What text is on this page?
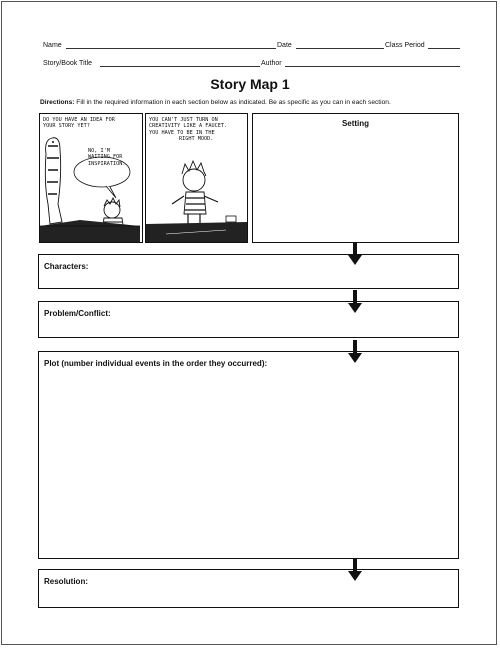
Name	Date	Class Period
Story/Book Title	Author
Story Map 1
Directions: Fill in the required information in each section below as indicated. Be as specific as you can in each section.
DO YOU HAVE AN IDEA FOR
YOUR STORY YET?
NO, I'M
WAITING FOR
INSPIRATION.
YOU CAN'T JUST TURN ON
CREATIVITY LIKE A FAUCET.
YOU HAVE TO BE IN THE
RIGHT MOOD.
Setting
Characters:
Problem/Conflict:
Plot (number individual events in the order they occurred):
Resolution:
